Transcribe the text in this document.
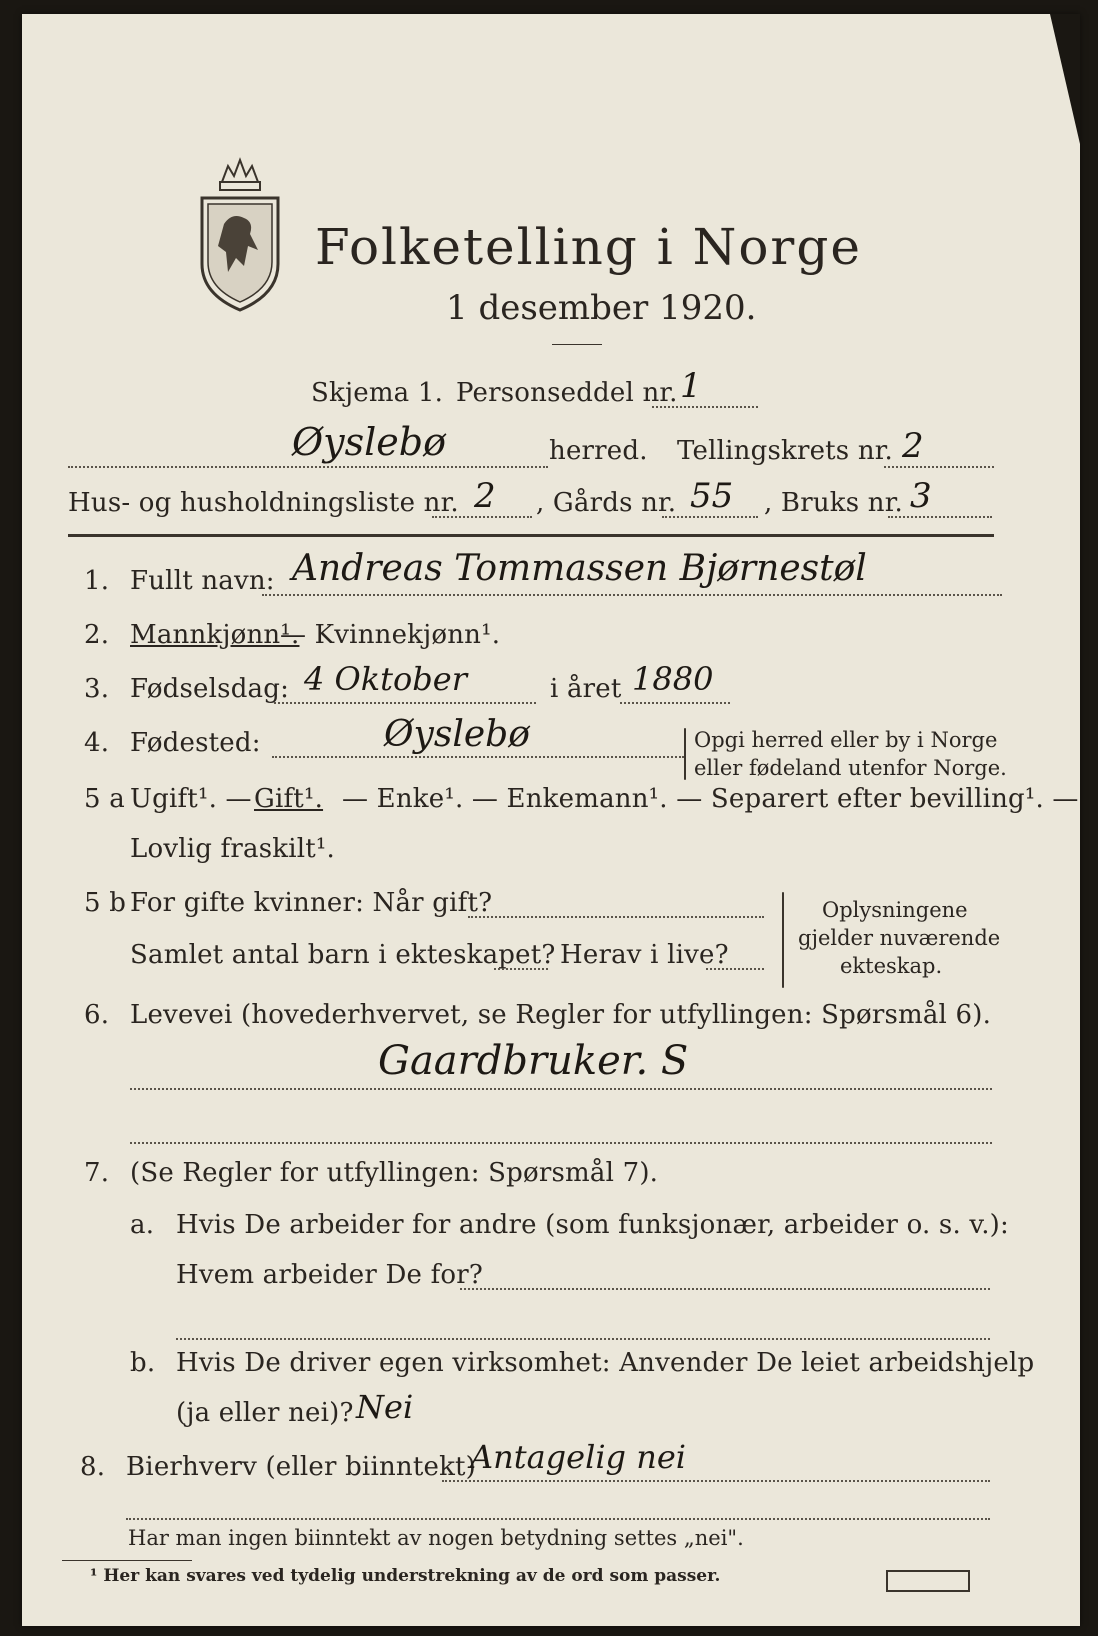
Folketelling i Norge
1 desember 1920.
Skjema 1. Personseddel nr. 1
Øyslebø	herred. Tellingskrets nr. 2
Hus- og husholdningsliste nr. 2 , Gårds nr. 55 , Bruks nr. 3
1. Fullt navn: Andreas Tommassen Bjørnestøl
2. Mannkjønn¹.
— Kvinnekjønn¹.
3. Fødselsdag: 4 Oktober	i året 1880
4. Fødested:	Øyslebø	Opgi herred eller by i Norge
eller fødeland utenfor Norge.
5 a Ugift¹. — Gift¹. — Enke¹. — Enkemann¹. — Separert efter bevilling¹. —
Lovlig fraskilt¹.
5 b For gifte kvinner: Når gift?
Samlet antal barn i ekteskapet? Herav i live?
Oplysningene
gjelder nuværende
ekteskap.
6. Levevei (hovederhvervet, se Regler for utfyllingen: Spørsmål 6).
Gaardbruker. S
7. (Se Regler for utfyllingen: Spørsmål 7).
a. Hvis De arbeider for andre (som funksjonær, arbeider o. s. v.):
Hvem arbeider De for?
b. Hvis De driver egen virksomhet: Anvender De leiet arbeidshjelp
(ja eller nei)? Nei
8. Bierhverv (eller biinntekt)
Antagelig nei
Har man ingen biinntekt av nogen betydning settes „nei".
¹ Her kan svares ved tydelig understrekning av de ord som passer.
